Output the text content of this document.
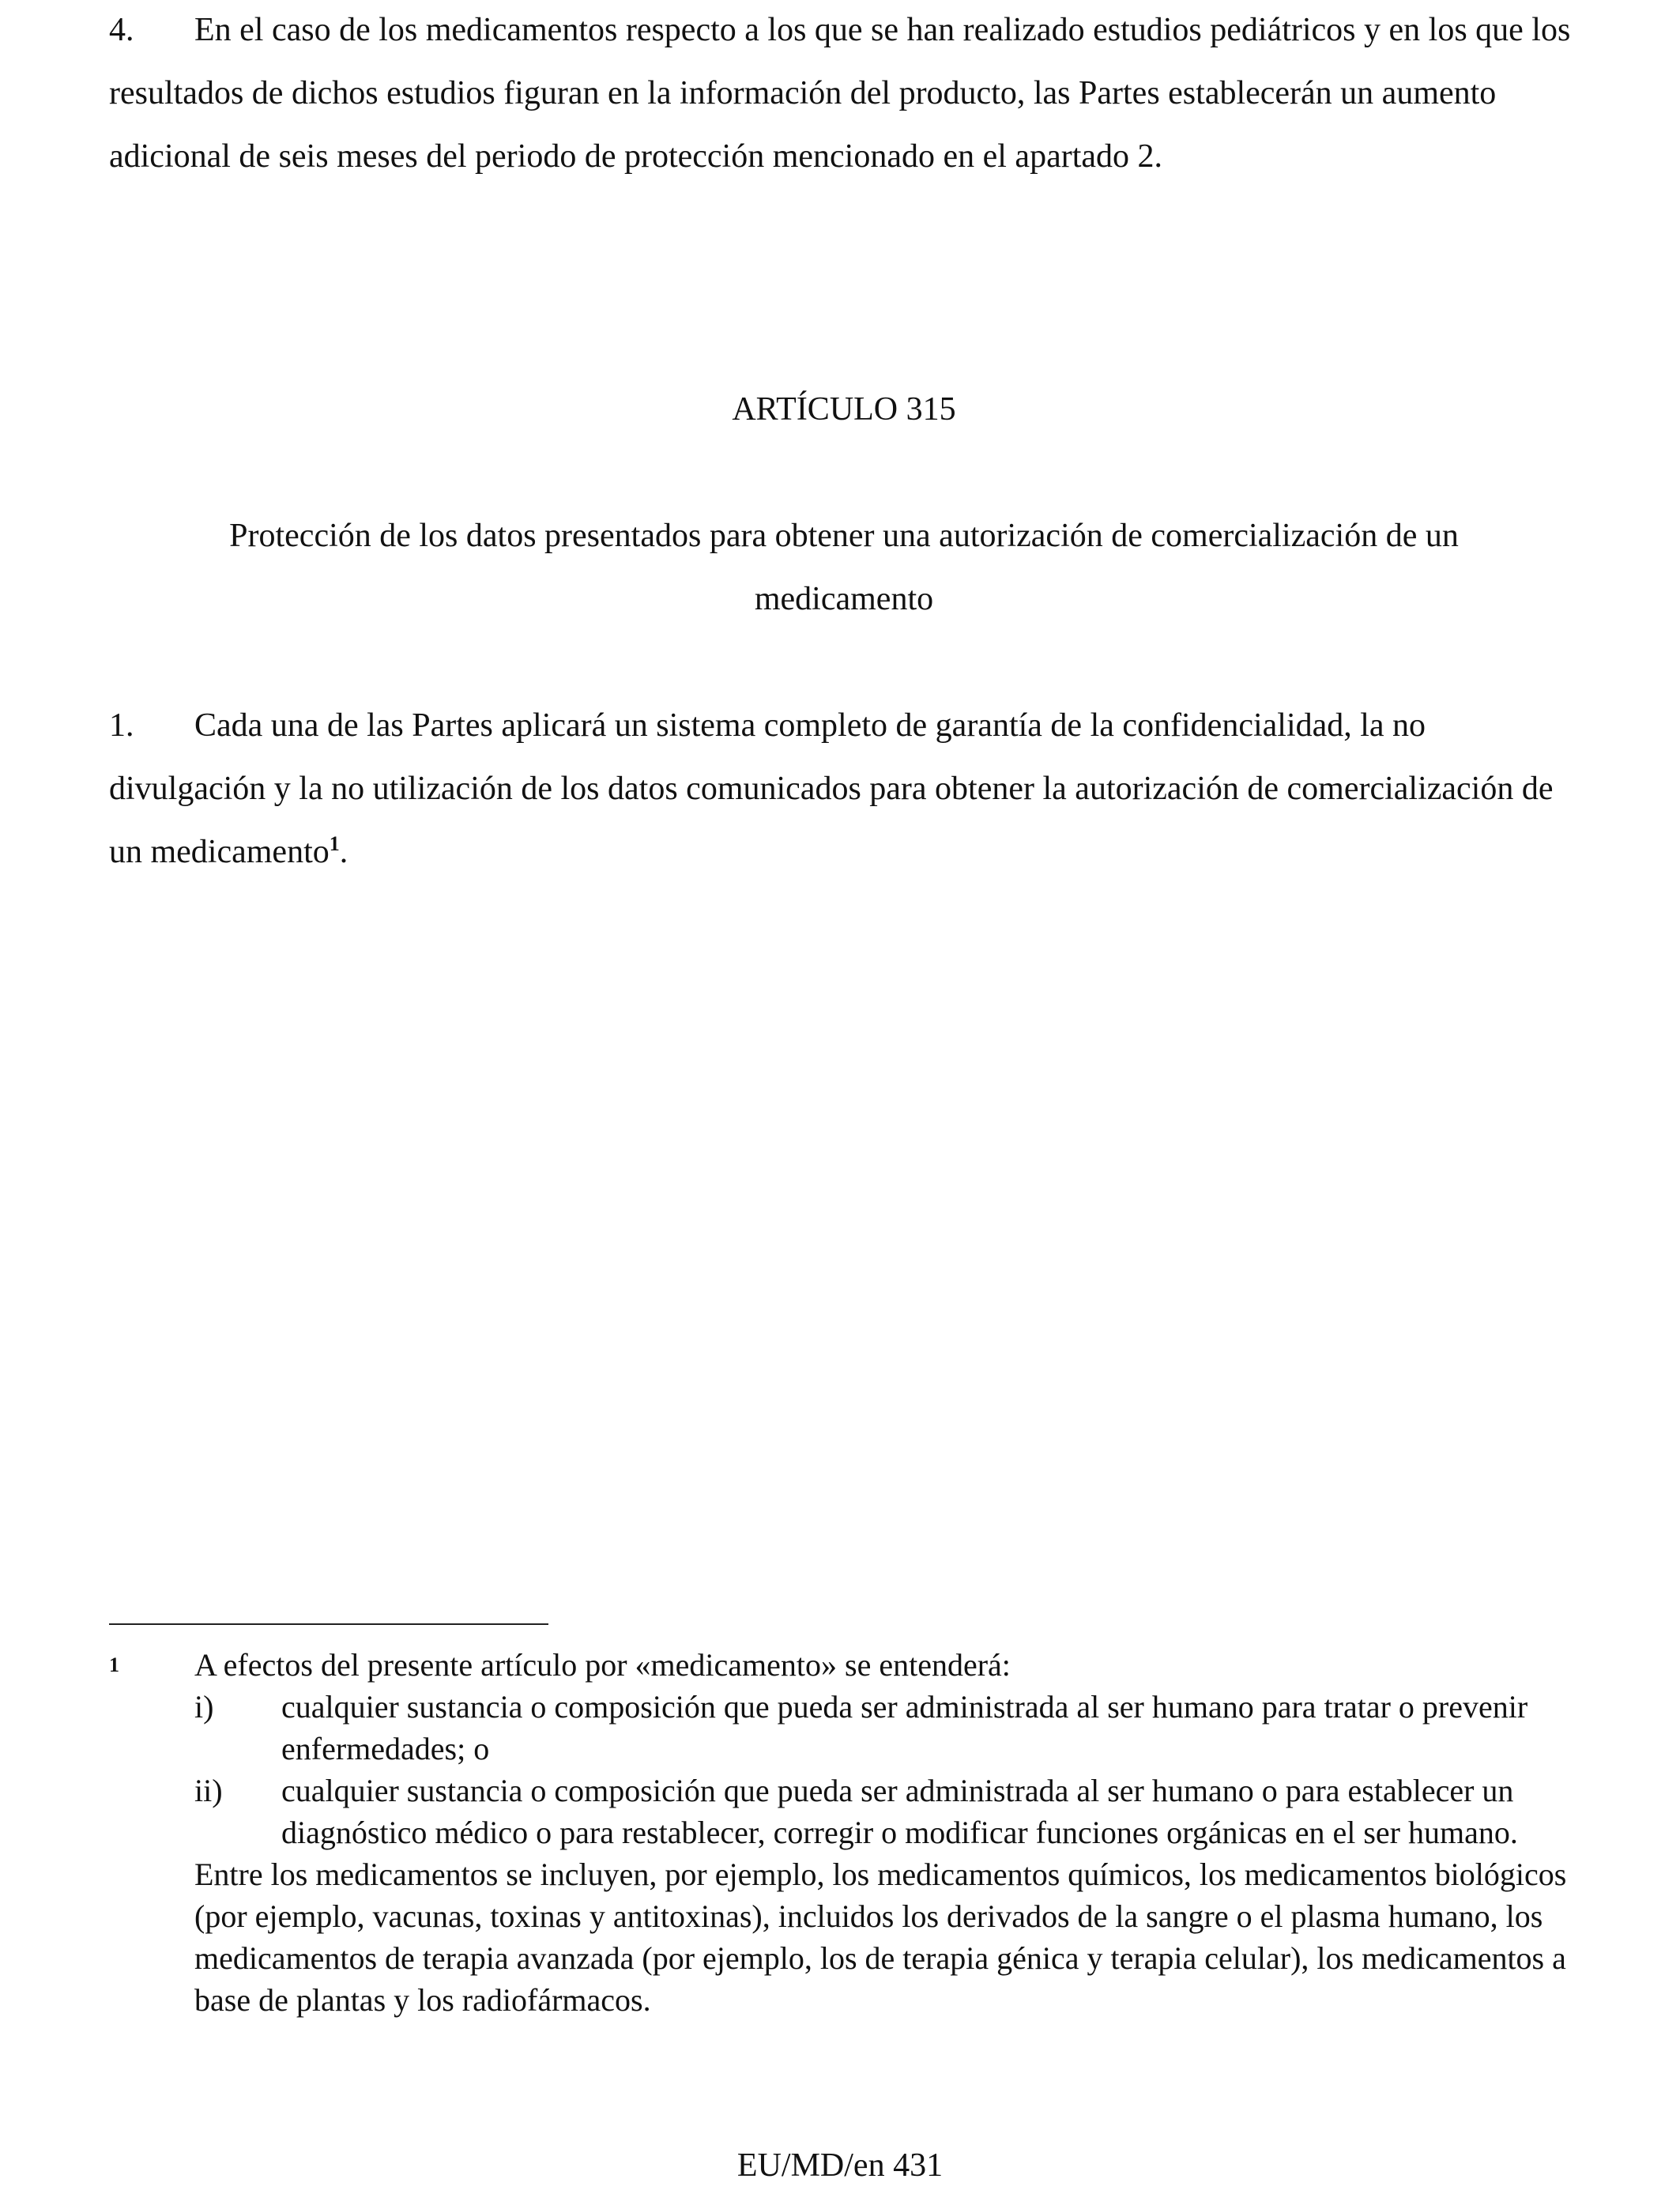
4. En el caso de los medicamentos respecto a los que se han realizado estudios pediátricos y en los que los resultados de dichos estudios figuran en la información del producto, las Partes establecerán un aumento adicional de seis meses del periodo de protección mencionado en el apartado 2.

ARTÍCULO 315

Protección de los datos presentados para obtener una autorización de comercialización de un medicamento

1. Cada una de las Partes aplicará un sistema completo de garantía de la confidencialidad, la no divulgación y la no utilización de los datos comunicados para obtener la autorización de comercialización de un medicamento$^1$.

1 A efectos del presente artículo por «medicamento» se entenderá:
i) cualquier sustancia o composición que pueda ser administrada al ser humano para tratar o prevenir enfermedades; o
ii) cualquier sustancia o composición que pueda ser administrada al ser humano o para establecer un diagnóstico médico o para restablecer, corregir o modificar funciones orgánicas en el ser humano.
Entre los medicamentos se incluyen, por ejemplo, los medicamentos químicos, los medicamentos biológicos (por ejemplo, vacunas, toxinas y antitoxinas), incluidos los derivados de la sangre o el plasma humano, los medicamentos de terapia avanzada (por ejemplo, los de terapia génica y terapia celular), los medicamentos a base de plantas y los radiofármacos.
EU/MD/en 431
